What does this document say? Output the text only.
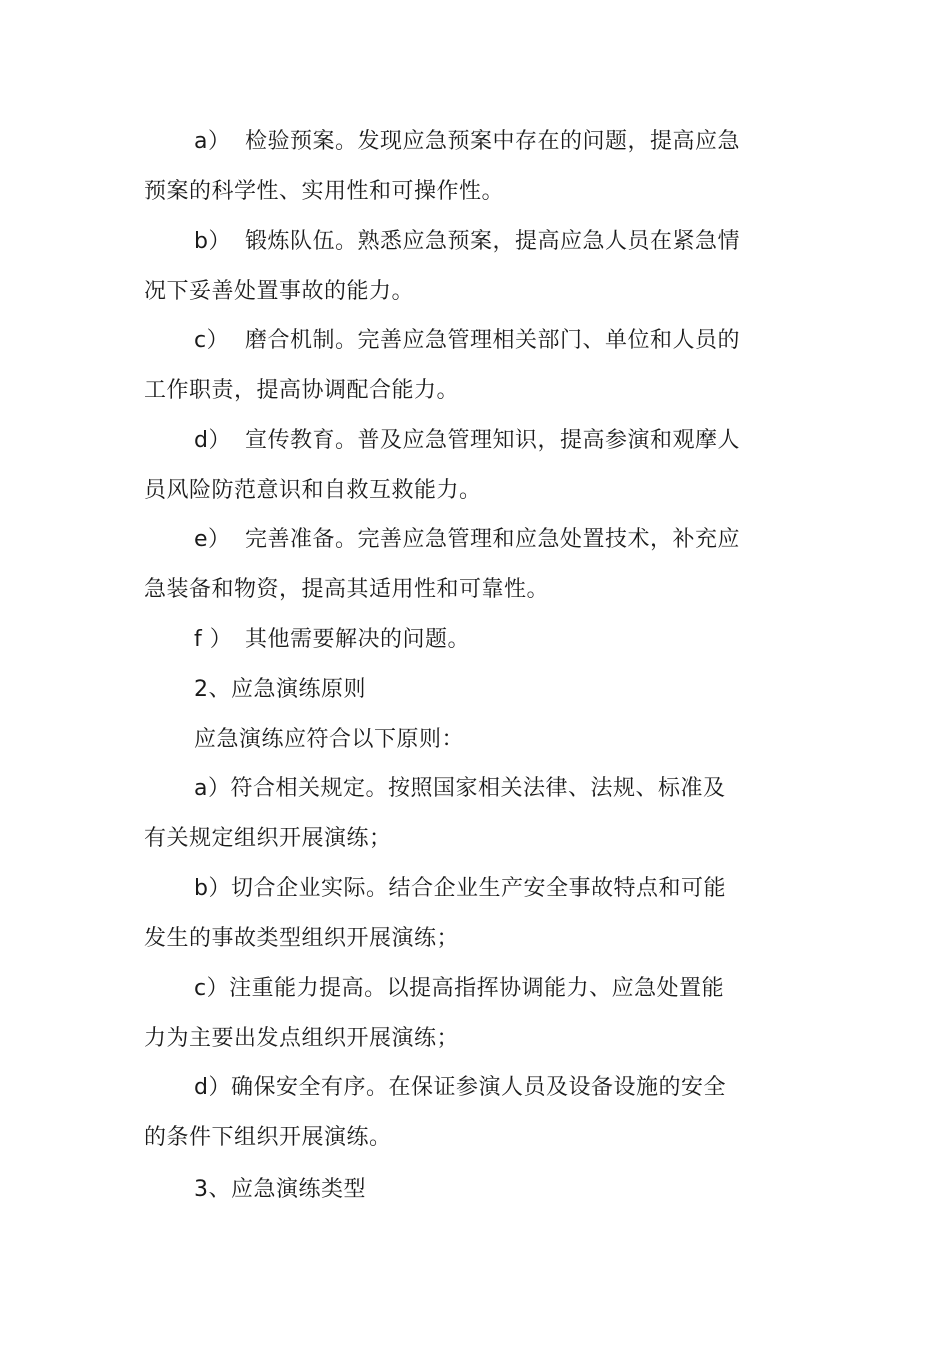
a） 检验预案。发现应急预案中存在的问题，提高应急
预案的科学性、实用性和可操作性。
b） 锻炼队伍。熟悉应急预案，提高应急人员在紧急情
况下妥善处置事故的能力。
c） 磨合机制。完善应急管理相关部门、单位和人员的
工作职责，提高协调配合能力。
d） 宣传教育。普及应急管理知识，提高参演和观摩人
员风险防范意识和自救互救能力。
e） 完善准备。完善应急管理和应急处置技术，补充应
急装备和物资，提高其适用性和可靠性。
f ） 其他需要解决的问题。
2、应急演练原则
应急演练应符合以下原则：
a）符合相关规定。按照国家相关法律、法规、标准及
有关规定组织开展演练；
b）切合企业实际。结合企业生产安全事故特点和可能
发生的事故类型组织开展演练；
c）注重能力提高。以提高指挥协调能力、应急处置能
力为主要出发点组织开展演练；
d）确保安全有序。在保证参演人员及设备设施的安全
的条件下组织开展演练。
3、应急演练类型
